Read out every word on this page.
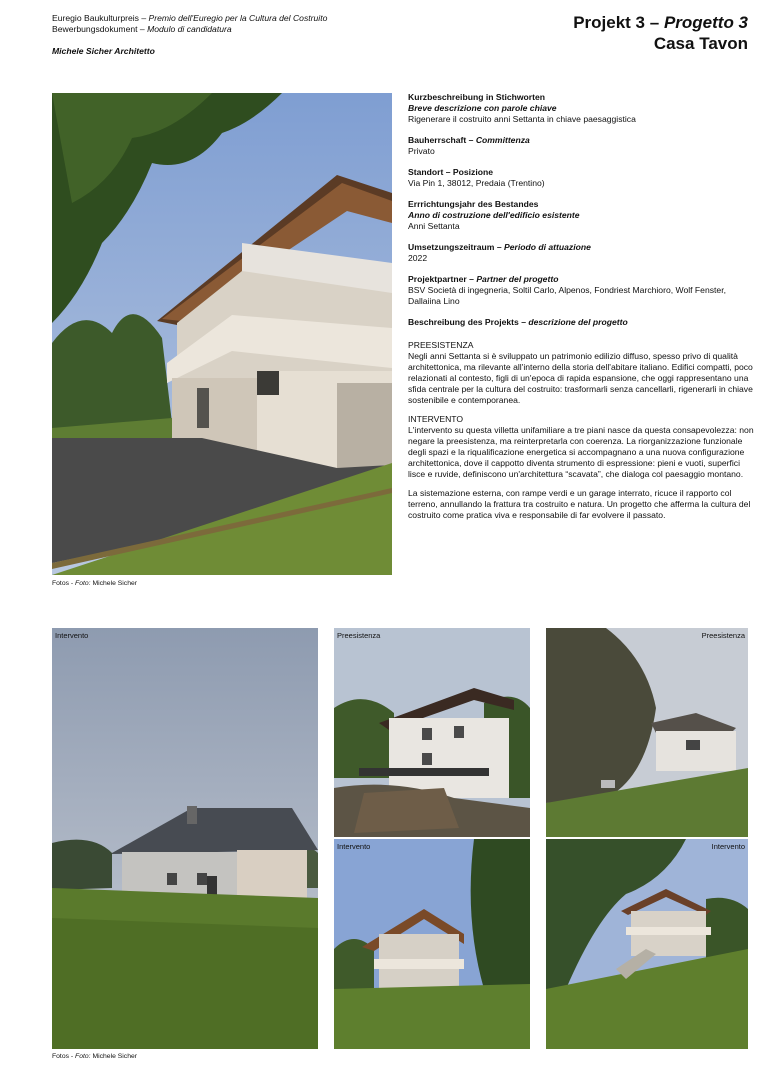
Euregio Baukulturpreis – Premio dell'Euregio per la Cultura del Costruito
Bewerbungsdokument – Modulo di candidatura
Michele Sicher Architetto
Projekt 3 – Progetto 3
Casa Tavon
Fotos - Foto: Michele Sicher

Kurzbeschreibung in Stichworten

Breve descrizione con parole chiave

Rigenerare il costruito anni Settanta in chiave paesaggistica

Bauherrschaft – Committenza

Privato

Standort – Posizione

Via Pin 1, 38012, Predaia (Trentino)

Errrichtungsjahr des Bestandes

Anno di costruzione dell'edificio esistente

Anni Settanta

Umsetzungszeitraum – Periodo di attuazione

2022

Projektpartner – Partner del progetto

BSV Società di ingegneria, Soltil Carlo, Alpenos, Fondriest Marchioro, Wolf Fenster, Dallaiina Lino

Beschreibung des Projekts – descrizione del progetto

PREESISTENZA

Negli anni Settanta si è sviluppato un patrimonio edilizio diffuso, spesso privo di qualità architettonica, ma rilevante all'interno della storia dell'abitare italiano. Edifici compatti, poco relazionati al contesto, figli di un'epoca di rapida espansione, che oggi rappresentano una sfida centrale per la cultura del costruito: trasformarli senza cancellarli, rigenerarli in chiave sostenibile e contemporanea.

INTERVENTO

L'intervento su questa villetta unifamiliare a tre piani nasce da questa consapevolezza: non negare la preesistenza, ma reinterpretarla con coerenza. La riorganizzazione funzionale degli spazi e la riqualificazione energetica si accompagnano a una nuova configurazione architettonica, dove il cappotto diventa strumento di espressione: pieni e vuoti, superfici lisce e ruvide, definiscono un'architettura “scavata”, che dialoga col paesaggio montano.

La sistemazione esterna, con rampe verdi e un garage interrato, ricuce il rapporto col terreno, annullando la frattura tra costruito e natura. Un progetto che afferma la cultura del costruito come pratica viva e responsabile di far evolvere il passato.

Intervento	Preesistenza
Intervento
Preesistenza
Intervento
Fotos - Foto: Michele Sicher
